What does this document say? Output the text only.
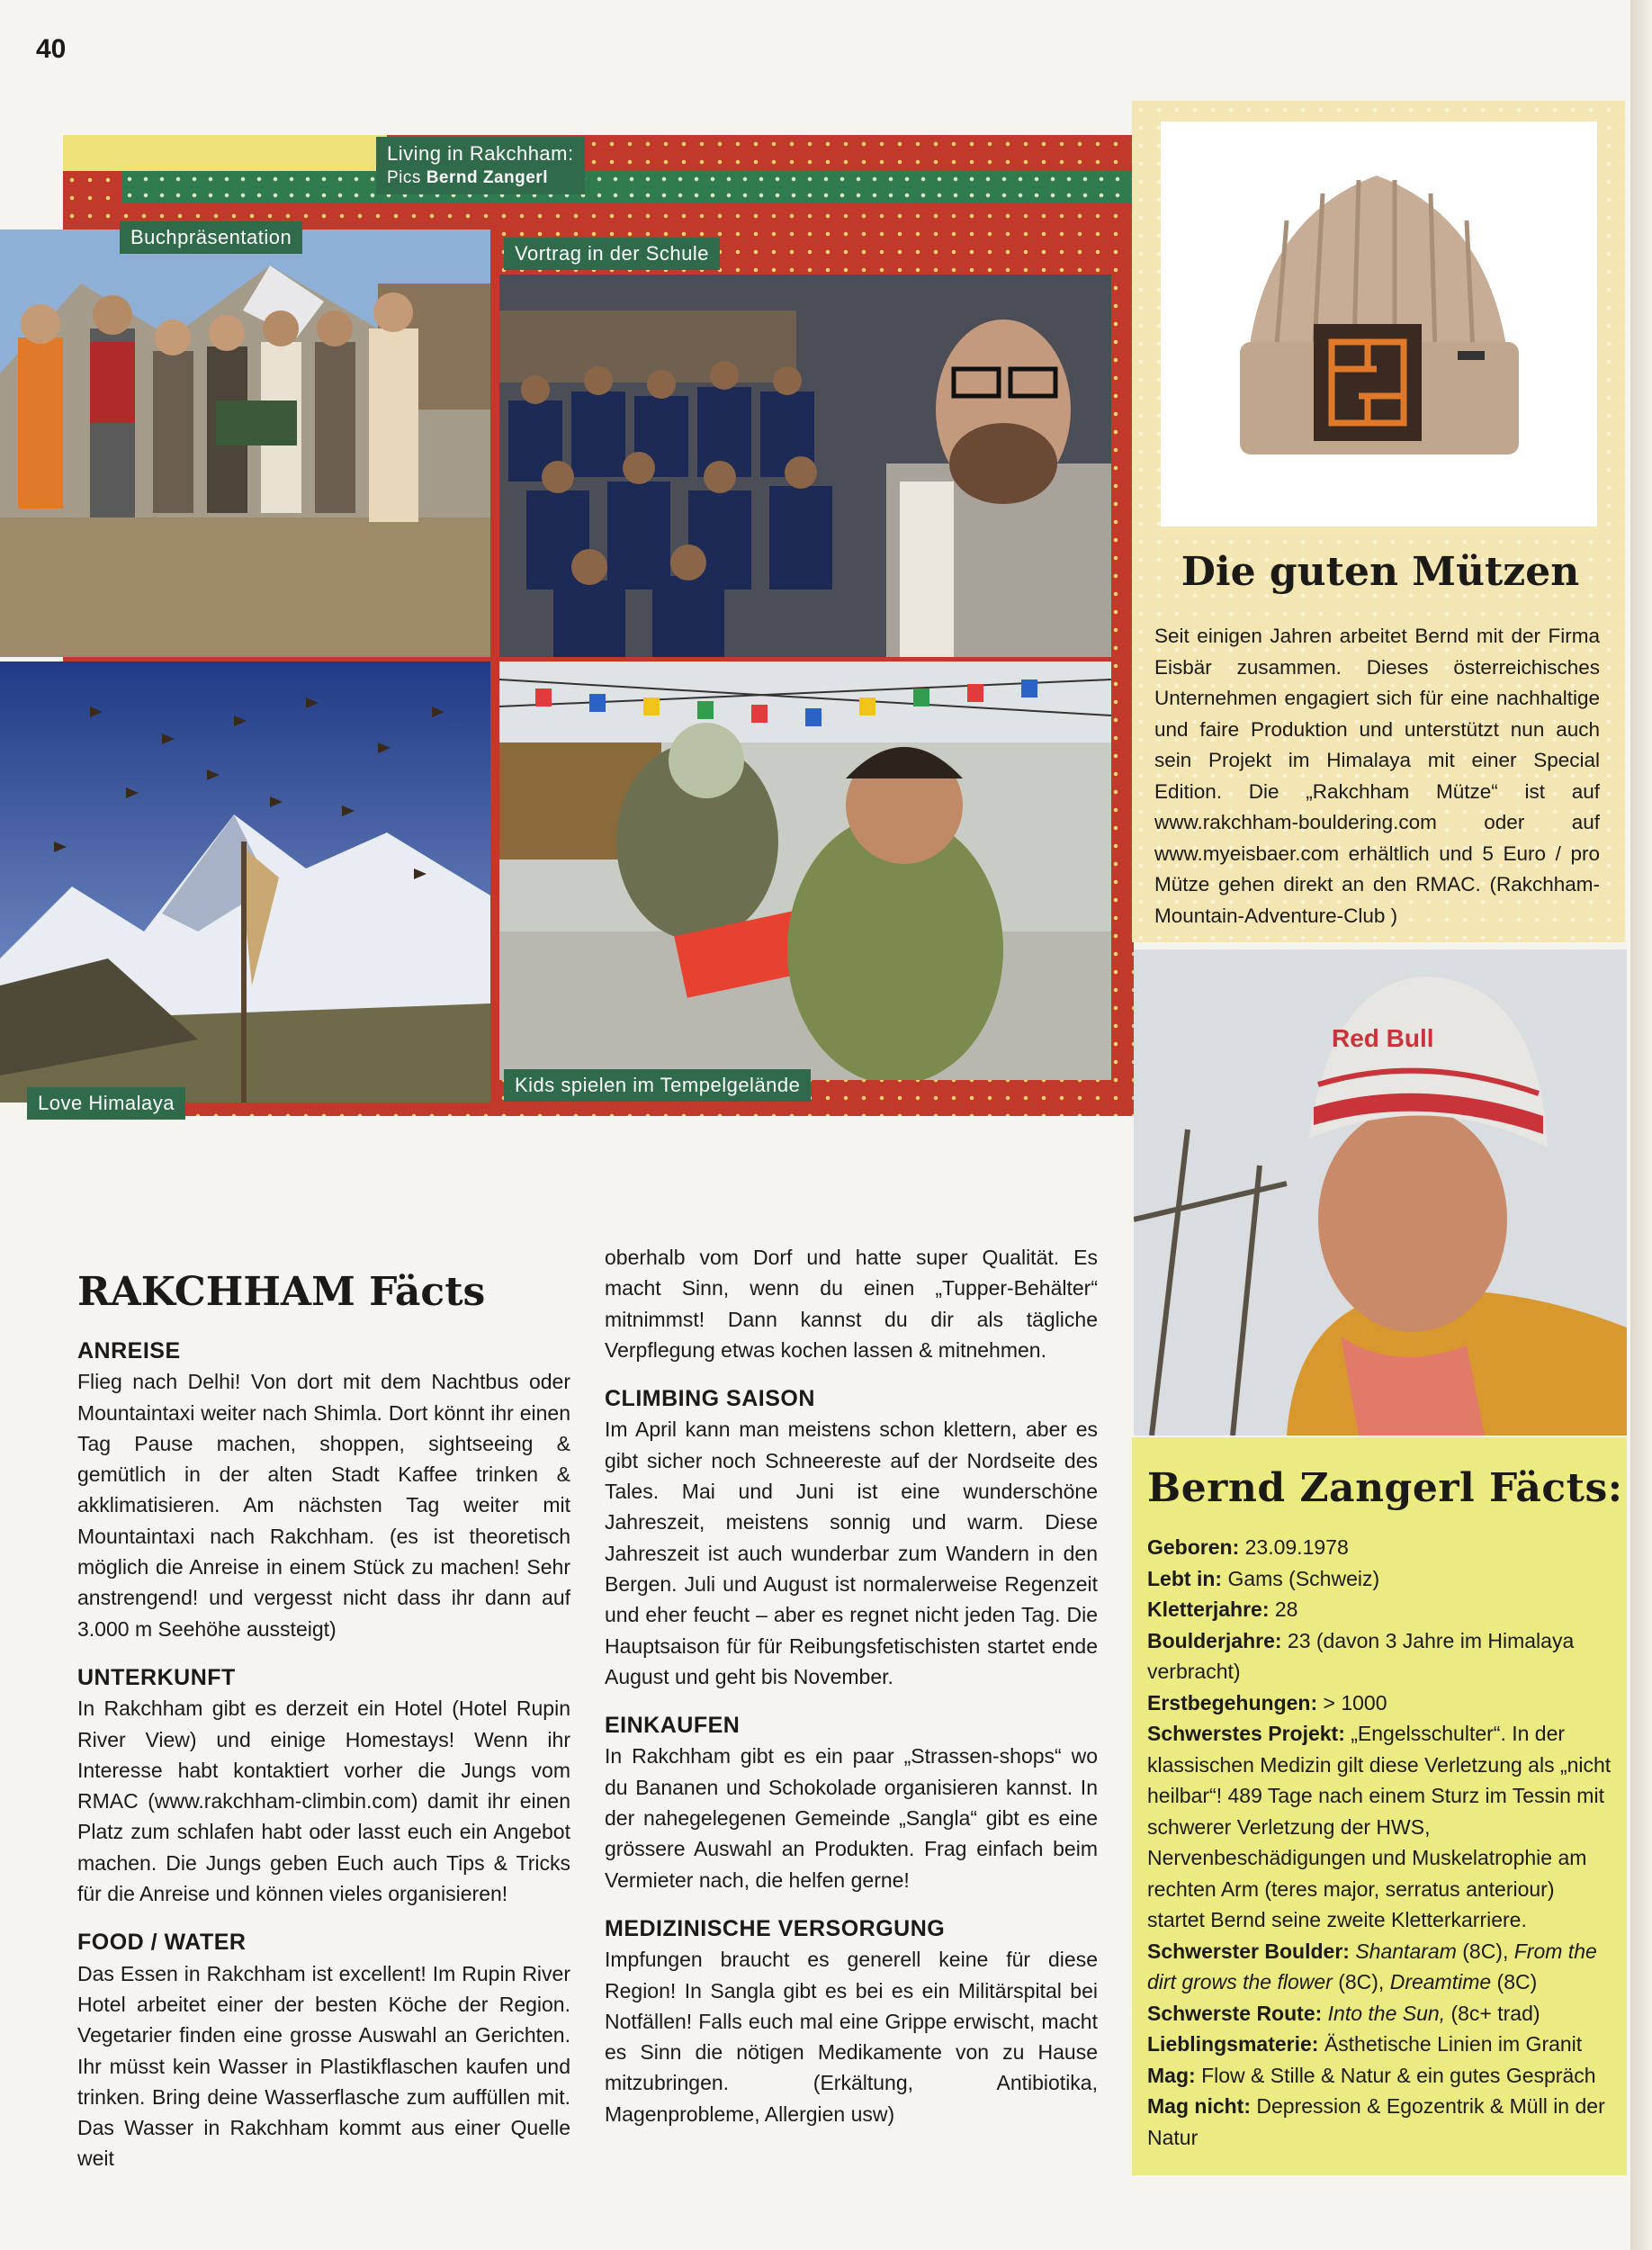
40
Living in Rakchham:
Pics Bernd Zangerl
Buchpräsentation
Vortrag in der Schule
Love Himalaya
Kids spielen im Tempelgelände
Die guten Mützen
Seit einigen Jahren arbeitet Bernd mit der Firma Eisbär zusammen. Dieses österreichisches Unternehmen engagiert sich für eine nachhaltige und faire Produktion und unterstützt nun auch sein Projekt im Himalaya mit einer Special Edition. Die „Rakchham Mütze“ ist auf www.rakchham-bouldering.com oder auf www.myeisbaer.com erhältlich und 5 Euro / pro Mütze gehen direkt an den RMAC. (Rakchham-Mountain-Adventure-Club )
Red Bull
Bernd Zangerl Fäcts:
Geboren: 23.09.1978
Lebt in: Gams (Schweiz)
Kletterjahre: 28
Boulderjahre: 23 (davon 3 Jahre im Himalaya verbracht)
Erstbegehungen: > 1000
Schwerstes Projekt: „Engelsschulter“. In der klassischen Medizin gilt diese Verletzung als „nicht heilbar“! 489 Tage nach einem Sturz im Tessin mit schwerer Verletzung der HWS, Nervenbeschädigungen und Muskelatrophie am rechten Arm (teres major, serratus anteriour) startet Bernd seine zweite Kletterkarriere.
Schwerster Boulder: Shantaram (8C), From the dirt grows the flower (8C), Dreamtime (8C)
Schwerste Route: Into the Sun, (8c+ trad)
Lieblingsmaterie: Ästhetische Linien im Granit
Mag: Flow & Stille & Natur & ein gutes Gespräch
Mag nicht: Depression & Egozentrik & Müll in der Natur
RAKCHHAM Fäcts
ANREISE

Flieg nach Delhi! Von dort mit dem Nachtbus oder Mountaintaxi weiter nach Shimla. Dort könnt ihr einen Tag Pause machen, shoppen, sightseeing & gemütlich in der alten Stadt Kaffee trinken & akklimatisieren. Am nächsten Tag weiter mit Mountaintaxi nach Rakchham. (es ist theoretisch möglich die Anreise in einem Stück zu machen! Sehr anstrengend! und vergesst nicht dass ihr dann auf 3.000 m Seehöhe aussteigt)

UNTERKUNFT

In Rakchham gibt es derzeit ein Hotel (Hotel Rupin River View) und einige Homestays! Wenn ihr Interesse habt kontaktiert vorher die Jungs vom RMAC (www.rakchham-climbin.com) damit ihr einen Platz zum schlafen habt oder lasst euch ein Angebot machen. Die Jungs geben Euch auch Tips & Tricks für die Anreise und können vieles organisieren!

FOOD / WATER

Das Essen in Rakchham ist excellent! Im Rupin River Hotel arbeitet einer der besten Köche der Region. Vegetarier finden eine grosse Auswahl an Gerichten. Ihr müsst kein Wasser in Plastikflaschen kaufen und trinken. Bring deine Wasserflasche zum auffüllen mit. Das Wasser in Rakchham kommt aus einer Quelle weit

oberhalb vom Dorf und hatte super Qualität. Es macht Sinn, wenn du einen „Tupper-Behälter“ mitnimmst! Dann kannst du dir als tägliche Verpflegung etwas kochen lassen & mitnehmen.

CLIMBING SAISON

Im April kann man meistens schon klettern, aber es gibt sicher noch Schneereste auf der Nordseite des Tales. Mai und Juni ist eine wunderschöne Jahreszeit, meistens sonnig und warm. Diese Jahreszeit ist auch wunderbar zum Wandern in den Bergen. Juli und August ist normalerweise Regenzeit und eher feucht – aber es regnet nicht jeden Tag. Die Hauptsaison für für Reibungsfetischisten startet ende August und geht bis November.

EINKAUFEN

In Rakchham gibt es ein paar „Strassen-shops“ wo du Bananen und Schokolade organisieren kannst. In der nahegelegenen Gemeinde „Sangla“ gibt es eine grössere Auswahl an Produkten. Frag einfach beim Vermieter nach, die helfen gerne!

MEDIZINISCHE VERSORGUNG

Impfungen braucht es generell keine für diese Region! In Sangla gibt es bei es ein Militärspital bei Notfällen! Falls euch mal eine Grippe erwischt, macht es Sinn die nötigen Medikamente von zu Hause mitzubringen. (Erkältung, Antibiotika, Magenprobleme, Allergien usw)
